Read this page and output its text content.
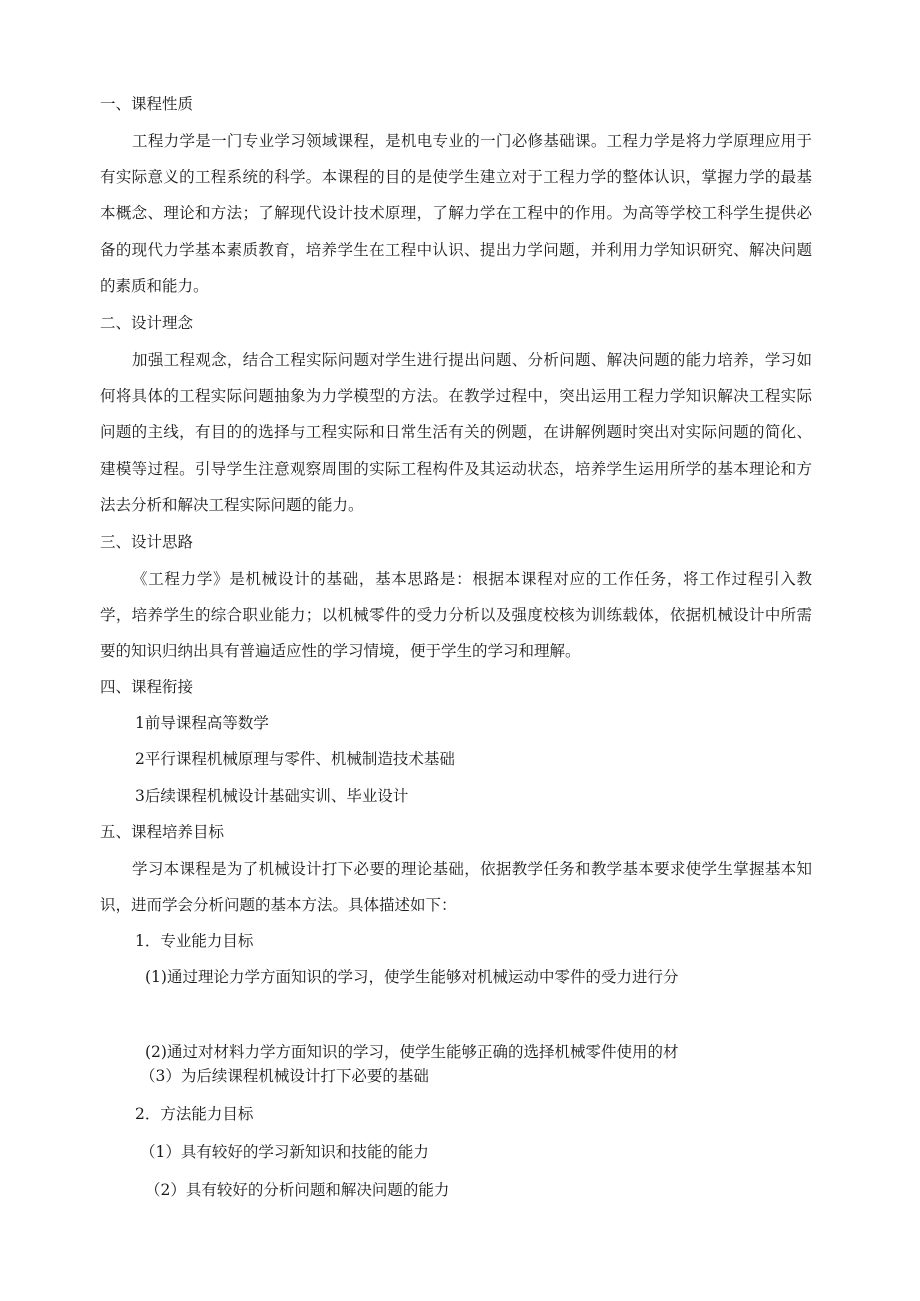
一、课程性质

工程力学是一门专业学习领域课程，是机电专业的一门必修基础课。工程力学是将力学原理应用于有实际意义的工程系统的科学。本课程的目的是使学生建立对于工程力学的整体认识，掌握力学的最基本概念、理论和方法；了解现代设计技术原理，了解力学在工程中的作用。为高等学校工科学生提供必备的现代力学基本素质教育，培养学生在工程中认识、提出力学问题，并利用力学知识研究、解决问题的素质和能力。

二、设计理念

加强工程观念，结合工程实际问题对学生进行提出问题、分析问题、解决问题的能力培养，学习如何将具体的工程实际问题抽象为力学模型的方法。在教学过程中，突出运用工程力学知识解决工程实际问题的主线，有目的的选择与工程实际和日常生活有关的例题，在讲解例题时突出对实际问题的简化、建模等过程。引导学生注意观察周围的实际工程构件及其运动状态，培养学生运用所学的基本理论和方法去分析和解决工程实际问题的能力。

三、设计思路

《工程力学》是机械设计的基础，基本思路是：根据本课程对应的工作任务，将工作过程引入教学，培养学生的综合职业能力；以机械零件的受力分析以及强度校核为训练载体，依据机械设计中所需要的知识归纳出具有普遍适应性的学习情境，便于学生的学习和理解。

四、课程衔接
1前导课程高等数学
2平行课程机械原理与零件、机械制造技术基础
3后续课程机械设计基础实训、毕业设计
五、课程培养目标

学习本课程是为了机械设计打下必要的理论基础，依据教学任务和教学基本要求使学生掌握基本知识，进而学会分析问题的基本方法。具体描述如下：

1．专业能力目标
(1)通过理论力学方面知识的学习，使学生能够对机械运动中零件的受力进行分
(2)通过对材料力学方面知识的学习，使学生能够正确的选择机械零件使用的材
（3）为后续课程机械设计打下必要的基础
2．方法能力目标
（1）具有较好的学习新知识和技能的能力
（2）具有较好的分析问题和解决问题的能力
